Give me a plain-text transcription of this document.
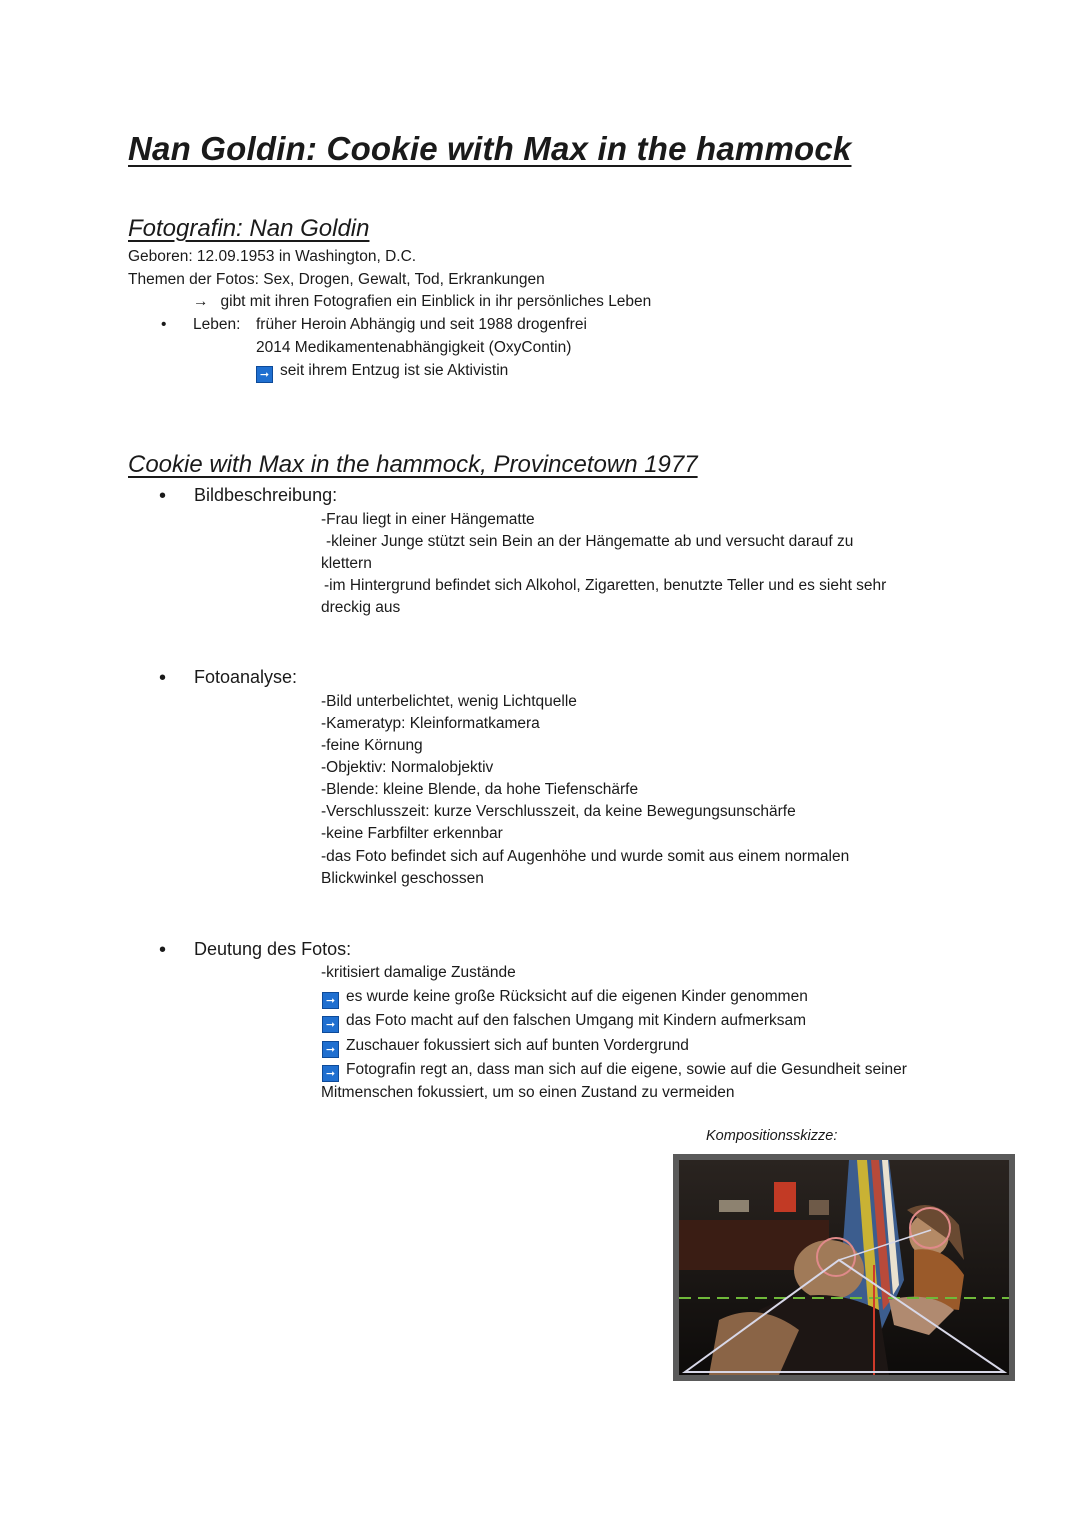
Nan Goldin: Cookie with Max in the hammock
Fotografin: Nan Goldin
Geboren: 12.09.1953 in Washington, D.C.
Themen der Fotos: Sex, Drogen, Gewalt, Tod, Erkrankungen
→ gibt mit ihren Fotografien ein Einblick in ihr persönliches Leben
• Leben: früher Heroin Abhängig und seit 1988 drogenfrei
2014 Medikamentenabhängigkeit (OxyContin)
➞ seit ihrem Entzug ist sie Aktivistin
Cookie with Max in the hammock, Provincetown 1977
• Bildbeschreibung:
-Frau liegt in einer Hängematte
-kleiner Junge stützt sein Bein an der Hängematte ab und versucht darauf zu
klettern
-im Hintergrund befindet sich Alkohol, Zigaretten, benutzte Teller und es sieht sehr
dreckig aus
• Fotoanalyse:
-Bild unterbelichtet, wenig Lichtquelle
-Kameratyp: Kleinformatkamera
-feine Körnung
-Objektiv: Normalobjektiv
-Blende: kleine Blende, da hohe Tiefenschärfe
-Verschlusszeit: kurze Verschlusszeit, da keine Bewegungsunschärfe
-keine Farbfilter erkennbar
-das Foto befindet sich auf Augenhöhe und wurde somit aus einem normalen
Blickwinkel geschossen
• Deutung des Fotos:
-kritisiert damalige Zustände
➞ es wurde keine große Rücksicht auf die eigenen Kinder genommen
➞ das Foto macht auf den falschen Umgang mit Kindern aufmerksam
➞ Zuschauer fokussiert sich auf bunten Vordergrund
➞ Fotografin regt an, dass man sich auf die eigene, sowie auf die Gesundheit seiner
Mitmenschen fokussiert, um so einen Zustand zu vermeiden
Kompositionsskizze:
